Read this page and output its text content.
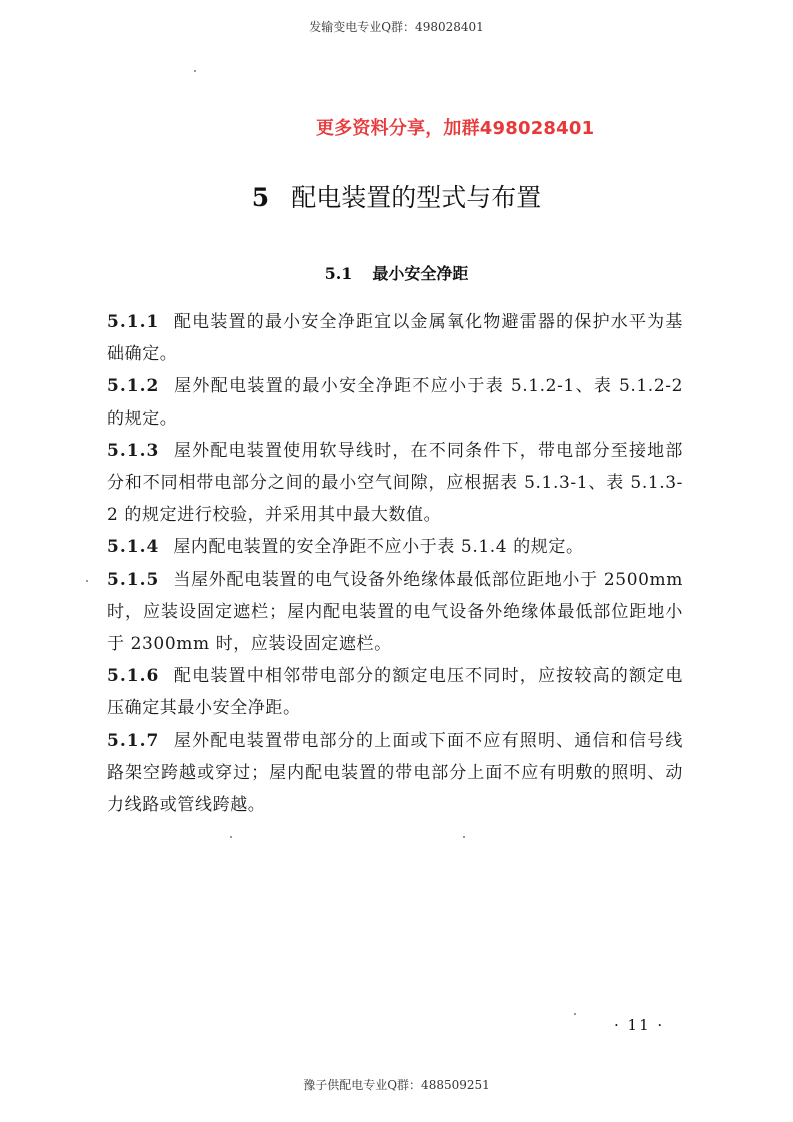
发输变电专业Q群：498028401
更多资料分享，加群498028401
5 配电装置的型式与布置
5.1 最小安全净距

5.1.1 配电装置的最小安全净距宜以金属氧化物避雷器的保护水平为基础确定。

5.1.2 屋外配电装置的最小安全净距不应小于表 5.1.2-1、表 5.1.2-2 的规定。

5.1.3 屋外配电装置使用软导线时，在不同条件下，带电部分至接地部分和不同相带电部分之间的最小空气间隙，应根据表 5.1.3-1、表 5.1.3-2 的规定进行校验，并采用其中最大数值。

5.1.4 屋内配电装置的安全净距不应小于表 5.1.4 的规定。

5.1.5 当屋外配电装置的电气设备外绝缘体最低部位距地小于 2500mm 时，应装设固定遮栏；屋内配电装置的电气设备外绝缘体最低部位距地小于 2300mm 时，应装设固定遮栏。

5.1.6 配电装置中相邻带电部分的额定电压不同时，应按较高的额定电压确定其最小安全净距。

5.1.7 屋外配电装置带电部分的上面或下面不应有照明、通信和信号线路架空跨越或穿过；屋内配电装置的带电部分上面不应有明敷的照明、动力线路或管线跨越。

· 11 ·
豫子供配电专业Q群：488509251
